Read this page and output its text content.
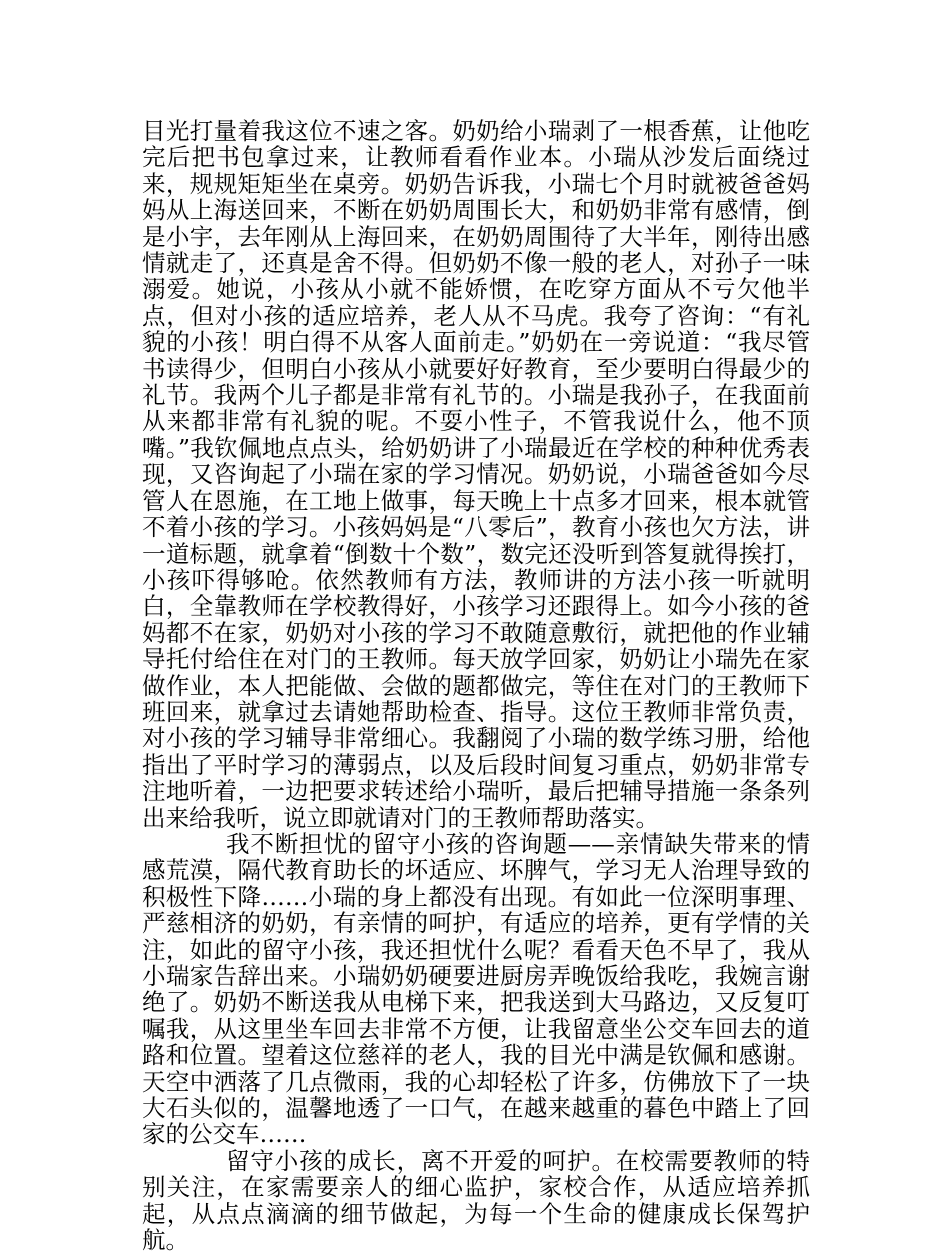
目光打量着我这位不速之客。奶奶给小瑞剥了一根香蕉，让他吃完后把书包拿过来，让教师看看作业本。小瑞从沙发后面绕过来，规规矩矩坐在桌旁。奶奶告诉我，小瑞七个月时就被爸爸妈妈从上海送回来，不断在奶奶周围长大，和奶奶非常有感情，倒是小宇，去年刚从上海回来，在奶奶周围待了大半年，刚待出感情就走了，还真是舍不得。但奶奶不像一般的老人，对孙子一味溺爱。她说，小孩从小就不能娇惯，在吃穿方面从不亏欠他半点，但对小孩的适应培养，老人从不马虎。我夸了咨询：“有礼貌的小孩！明白得不从客人面前走。”奶奶在一旁说道：“我尽管书读得少，但明白小孩从小就要好好教育，至少要明白得最少的礼节。我两个儿子都是非常有礼节的。小瑞是我孙子，在我面前从来都非常有礼貌的呢。不耍小性子，不管我说什么，他不顶嘴。”我钦佩地点点头，给奶奶讲了小瑞最近在学校的种种优秀表现，又咨询起了小瑞在家的学习情况。奶奶说，小瑞爸爸如今尽管人在恩施，在工地上做事，每天晚上十点多才回来，根本就管不着小孩的学习。小孩妈妈是“八零后”，教育小孩也欠方法，讲一道标题，就拿着“倒数十个数”，数完还没听到答复就得挨打，小孩吓得够呛。依然教师有方法，教师讲的方法小孩一听就明白，全靠教师在学校教得好，小孩学习还跟得上。如今小孩的爸妈都不在家，奶奶对小孩的学习不敢随意敷衍，就把他的作业辅导托付给住在对门的王教师。每天放学回家，奶奶让小瑞先在家做作业，本人把能做、会做的题都做完，等住在对门的王教师下班回来，就拿过去请她帮助检查、指导。这位王教师非常负责，对小孩的学习辅导非常细心。我翻阅了小瑞的数学练习册，给他指出了平时学习的薄弱点，以及后段时间复习重点，奶奶非常专注地听着，一边把要求转述给小瑞听，最后把辅导措施一条条列出来给我听，说立即就请对门的王教师帮助落实。

我不断担忧的留守小孩的咨询题——亲情缺失带来的情感荒漠，隔代教育助长的坏适应、坏脾气，学习无人治理导致的积极性下降……小瑞的身上都没有出现。有如此一位深明事理、严慈相济的奶奶，有亲情的呵护，有适应的培养，更有学情的关注，如此的留守小孩，我还担忧什么呢？看看天色不早了，我从小瑞家告辞出来。小瑞奶奶硬要进厨房弄晚饭给我吃，我婉言谢绝了。奶奶不断送我从电梯下来，把我送到大马路边，又反复叮嘱我，从这里坐车回去非常不方便，让我留意坐公交车回去的道路和位置。望着这位慈祥的老人，我的目光中满是钦佩和感谢。天空中洒落了几点微雨，我的心却轻松了许多，仿佛放下了一块大石头似的，温馨地透了一口气，在越来越重的暮色中踏上了回家的公交车……

留守小孩的成长，离不开爱的呵护。在校需要教师的特别关注，在家需要亲人的细心监护，家校合作，从适应培养抓起，从点点滴滴的细节做起，为每一个生命的健康成长保驾护航。
